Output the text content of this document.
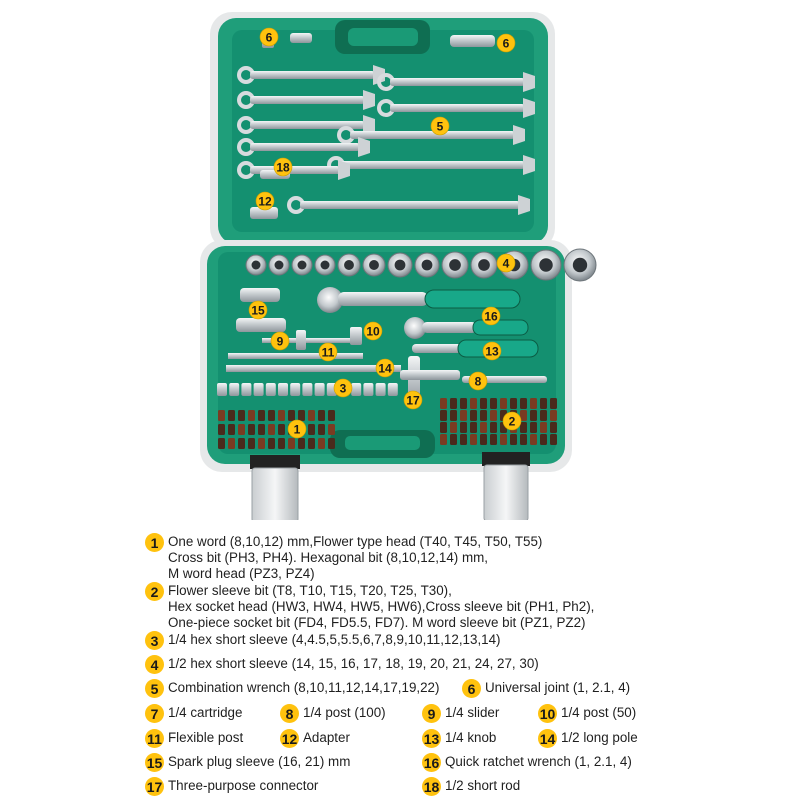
6	6
5
18
12
4
15	16
10
9
11	13
14
3	8
17
1
2
1 One word (8,10,12) mm,Flower type head (T40, T45, T50, T55)
Cross bit (PH3, PH4). Hexagonal bit (8,10,12,14) mm,
M word head (PZ3, PZ4)
2 Flower sleeve bit (T8, T10, T15, T20, T25, T30),
Hex socket head (HW3, HW4, HW5, HW6),Cross sleeve bit (PH1, Ph2),
One-piece socket bit (FD4, FD5.5, FD7). M word sleeve bit (PZ1, PZ2)
3 1/4 hex short sleeve (4,4.5,5,5.5,6,7,8,9,10,11,12,13,14)
4 1/2 hex short sleeve (14, 15, 16, 17, 18, 19, 20, 21, 24, 27, 30)
5 Combination wrench (8,10,11,12,14,17,19,22)	6 Universal joint (1, 2.1, 4)
7 1/4 cartridge	8 1/4 post (100)	9 1/4 slider	10 1/4 post (50)
11 Flexible post	12 Adapter	13 1/4 knob	14 1/2 long pole
15 Spark plug sleeve (16, 21) mm	16 Quick ratchet wrench (1, 2.1, 4)
17 Three-purpose connector	18 1/2 short rod
